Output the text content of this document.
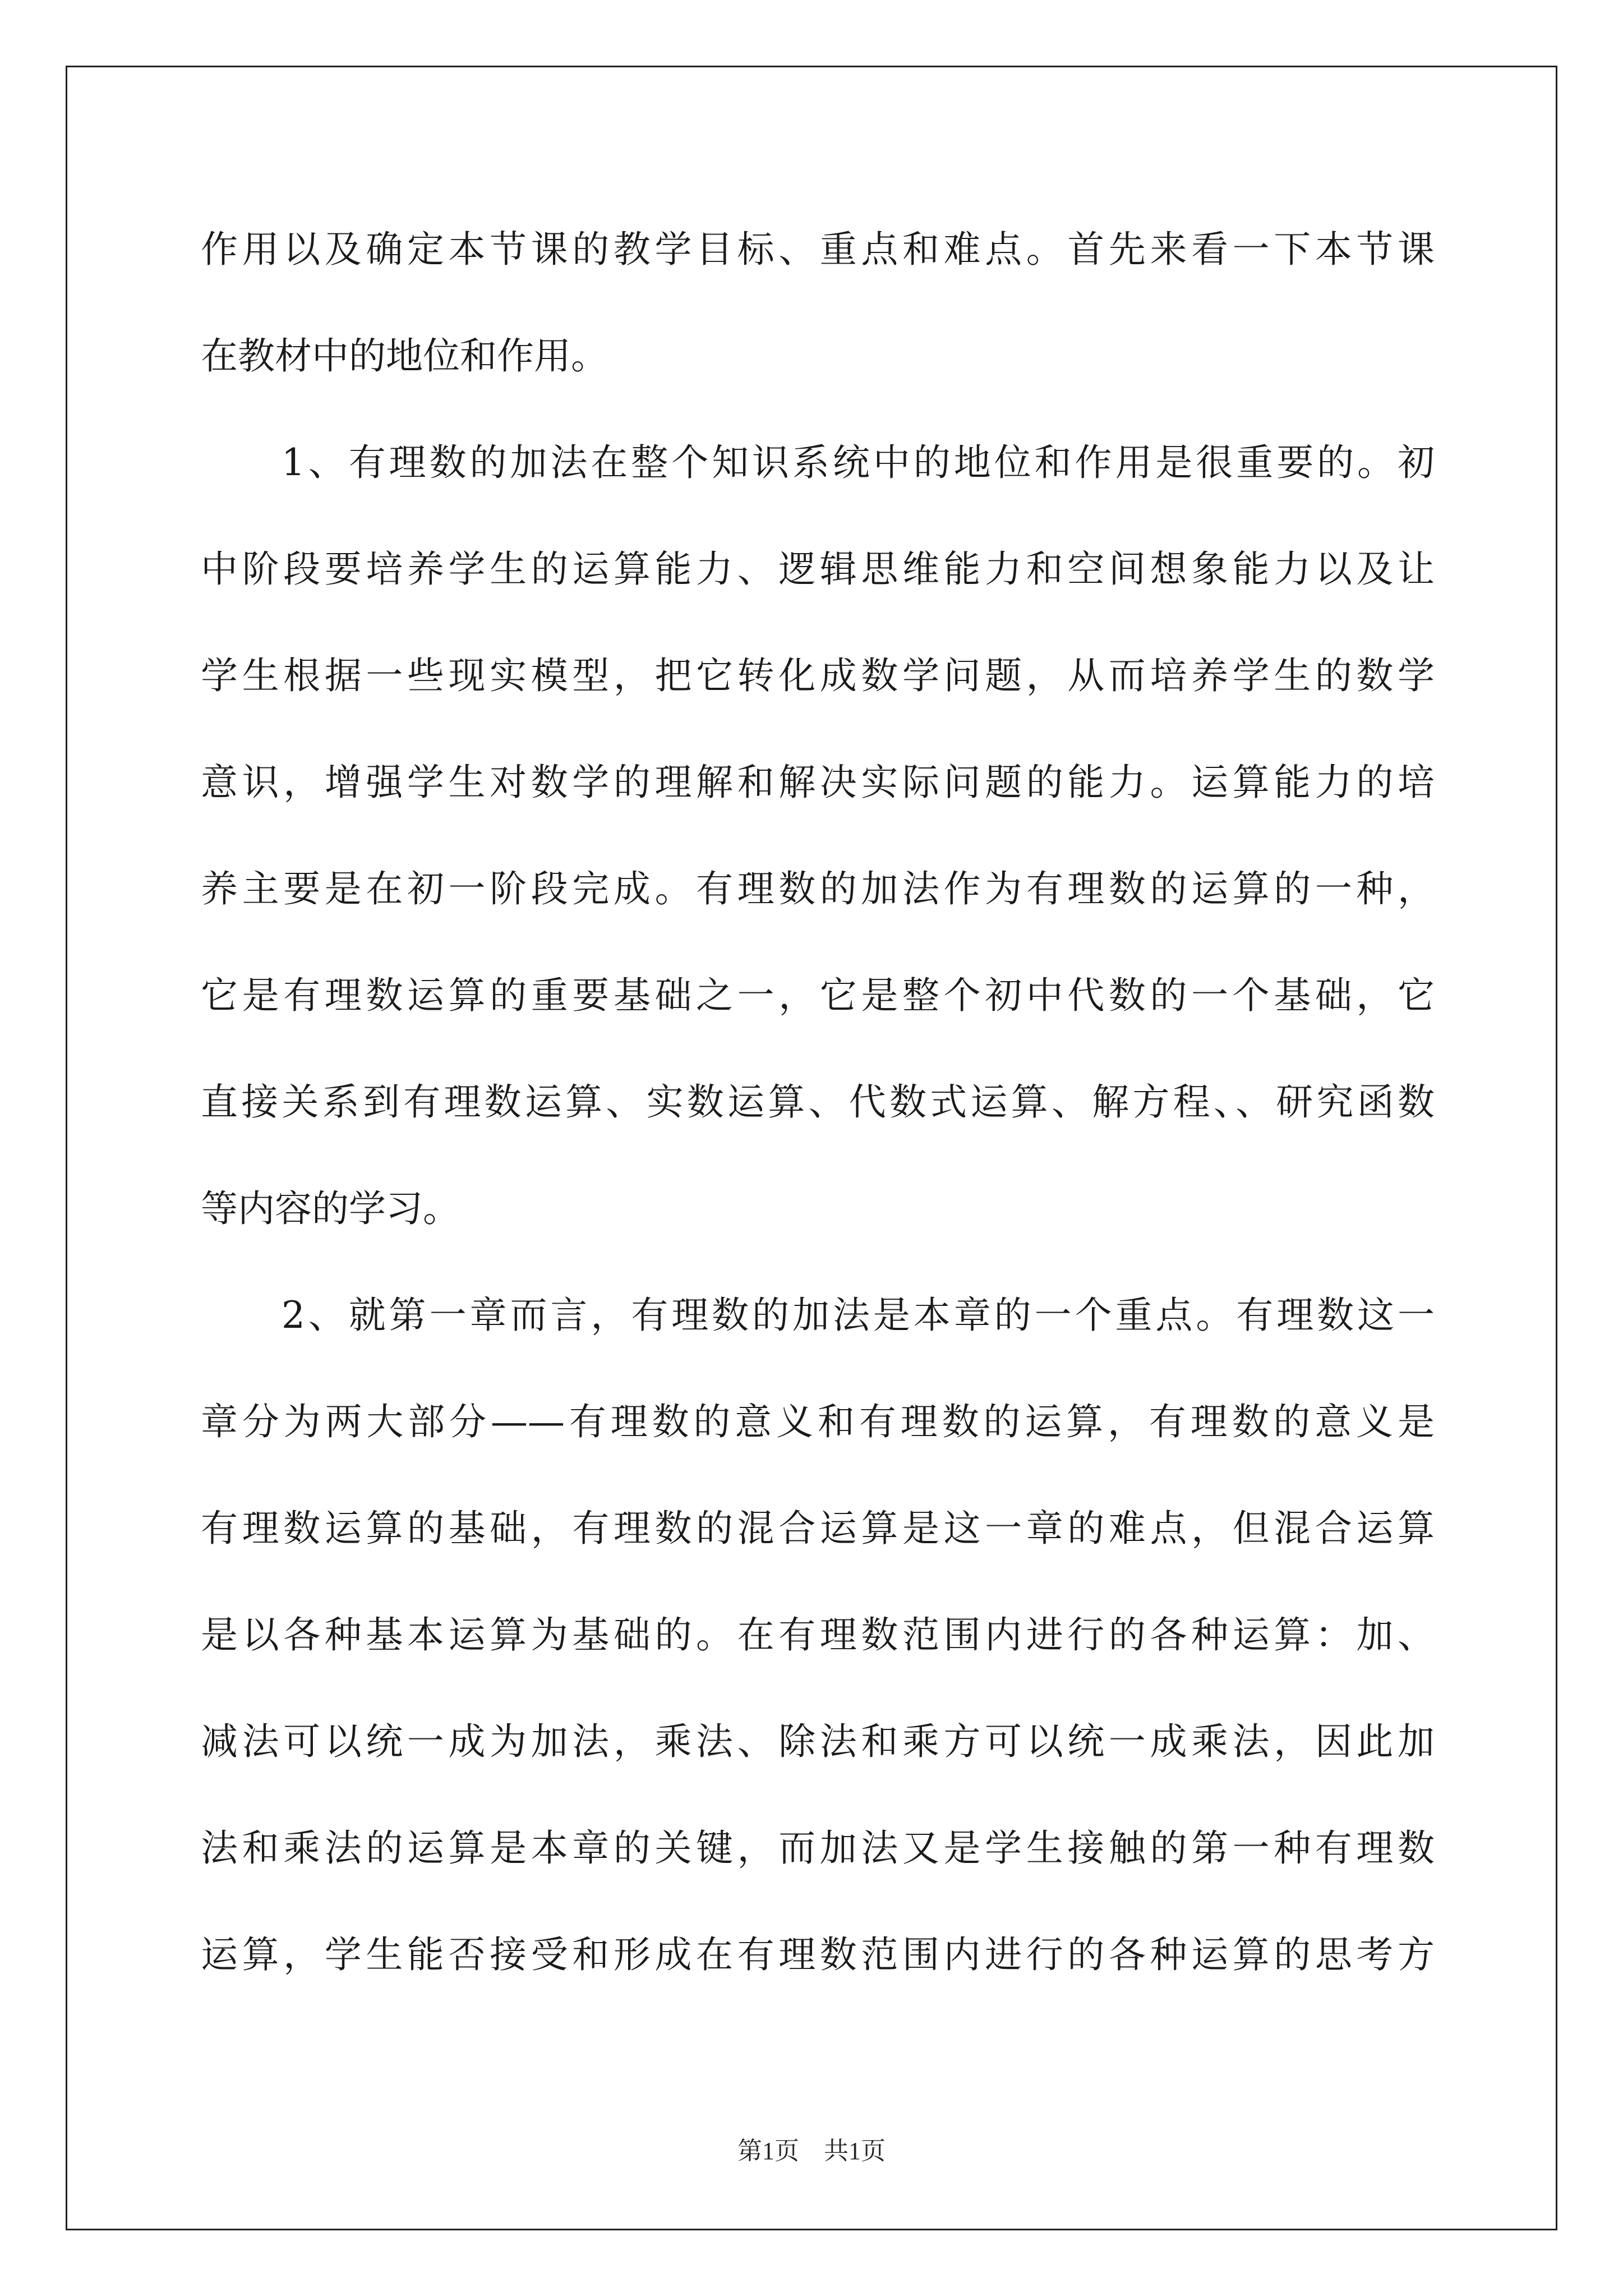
作用以及确定本节课的教学目标、重点和难点。首先来看一下本节课
在教材中的地位和作用。
　　1、有理数的加法在整个知识系统中的地位和作用是很重要的。初
中阶段要培养学生的运算能力、逻辑思维能力和空间想象能力以及让
学生根据一些现实模型，把它转化成数学问题，从而培养学生的数学
意识，增强学生对数学的理解和解决实际问题的能力。运算能力的培
养主要是在初一阶段完成。有理数的加法作为有理数的运算的一种，
它是有理数运算的重要基础之一，它是整个初中代数的一个基础，它
直接关系到有理数运算、实数运算、代数式运算、解方程、、研究函数
等内容的学习。
　　2、就第一章而言，有理数的加法是本章的一个重点。有理数这一
章分为两大部分——有理数的意义和有理数的运算，有理数的意义是
有理数运算的基础，有理数的混合运算是这一章的难点，但混合运算
是以各种基本运算为基础的。在有理数范围内进行的各种运算：加、
减法可以统一成为加法，乘法、除法和乘方可以统一成乘法，因此加
法和乘法的运算是本章的关键，而加法又是学生接触的第一种有理数
运算，学生能否接受和形成在有理数范围内进行的各种运算的思考方
第1页　共1页
